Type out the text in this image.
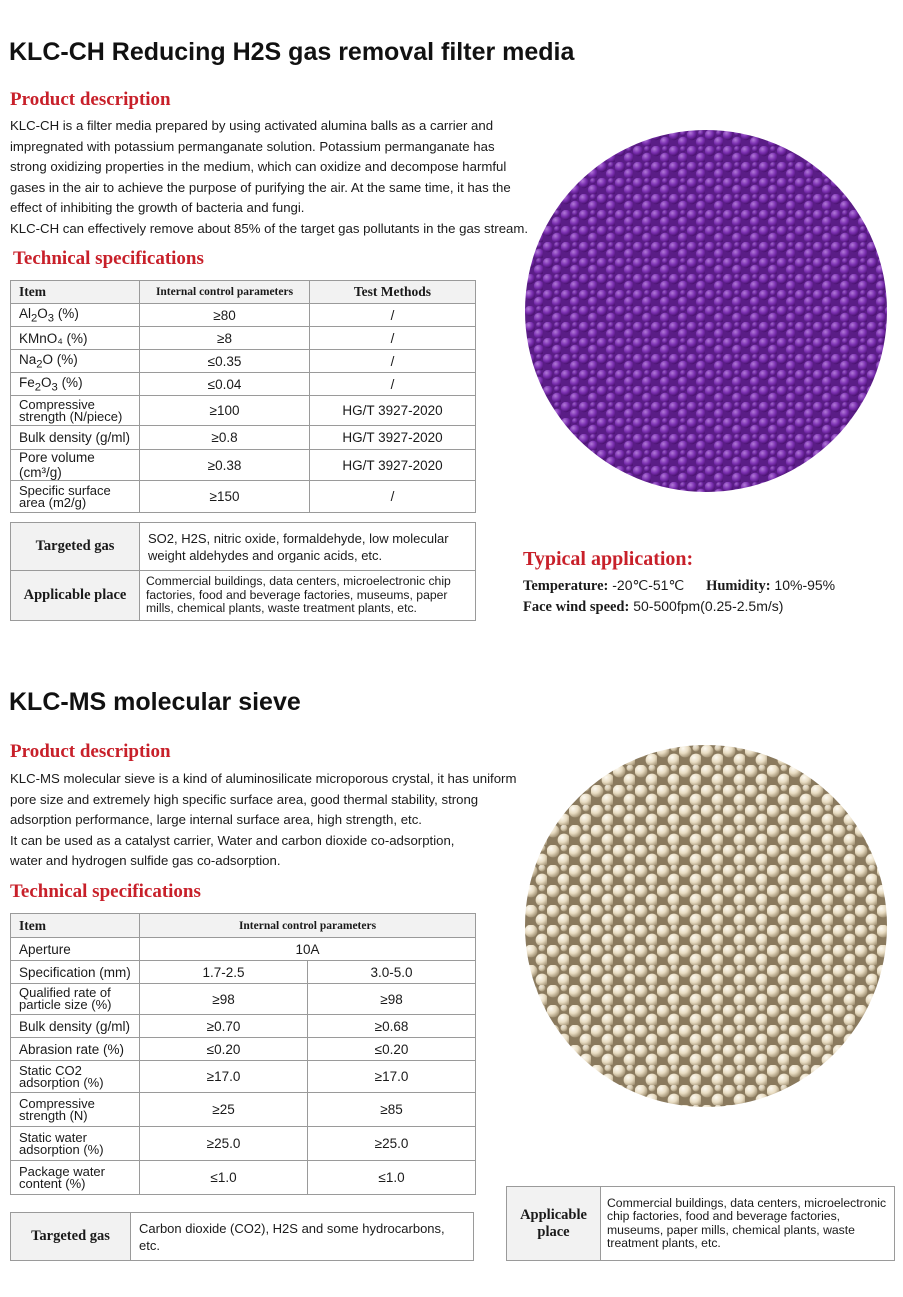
KLC-CH Reducing H2S gas removal filter media
Product description

KLC-CH is a filter media prepared by using activated alumina balls as a carrier and

impregnated with potassium permanganate solution. Potassium permanganate has

strong oxidizing properties in the medium, which can oxidize and decompose harmful

gases in the air to achieve the purpose of purifying the air. At the same time, it has the

effect of inhibiting the growth of bacteria and fungi.

KLC-CH can effectively remove about 85% of the target gas pollutants in the gas stream.

Technical specifications
Item	Internal control parameters	Test Methods
$Al_2O_3$ (%)	≥80	/
KMnO₄ (%)	≥8	/
$Na_2O$ (%)	≤0.35	/
$Fe_2O_3$ (%)	≤0.04	/
Compressive strength (N/piece)	≥100	HG/T 3927-2020
Bulk density (g/ml)	≥0.8	HG/T 3927-2020
Pore volume (cm³/g)	≥0.38	HG/T 3927-2020
Specific surface area (m2/g)	≥150	/
Targeted gas	SO2, H2S, nitric oxide, formaldehyde, low molecular weight aldehydes and organic acids, etc.
Applicable place	Commercial buildings, data centers, microelectronic chip factories, food and beverage factories, museums, paper mills, chemical plants, waste treatment plants, etc.
Typical application:
Temperature: -20℃-51℃ Humidity: 10%-95%
Face wind speed: 50-500fpm(0.25-2.5m/s)
KLC-MS molecular sieve
Product description

KLC-MS molecular sieve is a kind of aluminosilicate microporous crystal, it has uniform

pore size and extremely high specific surface area, good thermal stability, strong

adsorption performance, large internal surface area, high strength, etc.

It can be used as a catalyst carrier, Water and carbon dioxide co-adsorption,

water and hydrogen sulfide gas co-adsorption.

Technical specifications
Item	Internal control parameters	
Aperture	10A	
Specification (mm)	1.7-2.5	3.0-5.0
Qualified rate of particle size (%)	≥98	≥98
Bulk density (g/ml)	≥0.70	≥0.68
Abrasion rate (%)	≤0.20	≤0.20
Static CO2 adsorption (%)	≥17.0	≥17.0
Compressive strength (N)	≥25	≥85
Static water adsorption (%)	≥25.0	≥25.0
Package water content (%)	≤1.0	≤1.0
Targeted gas	Carbon dioxide (CO2), H2S and some hydrocarbons, etc.
Applicable place	Commercial buildings, data centers, microelectronic chip factories, food and beverage factories, museums, paper mills, chemical plants, waste treatment plants, etc.
